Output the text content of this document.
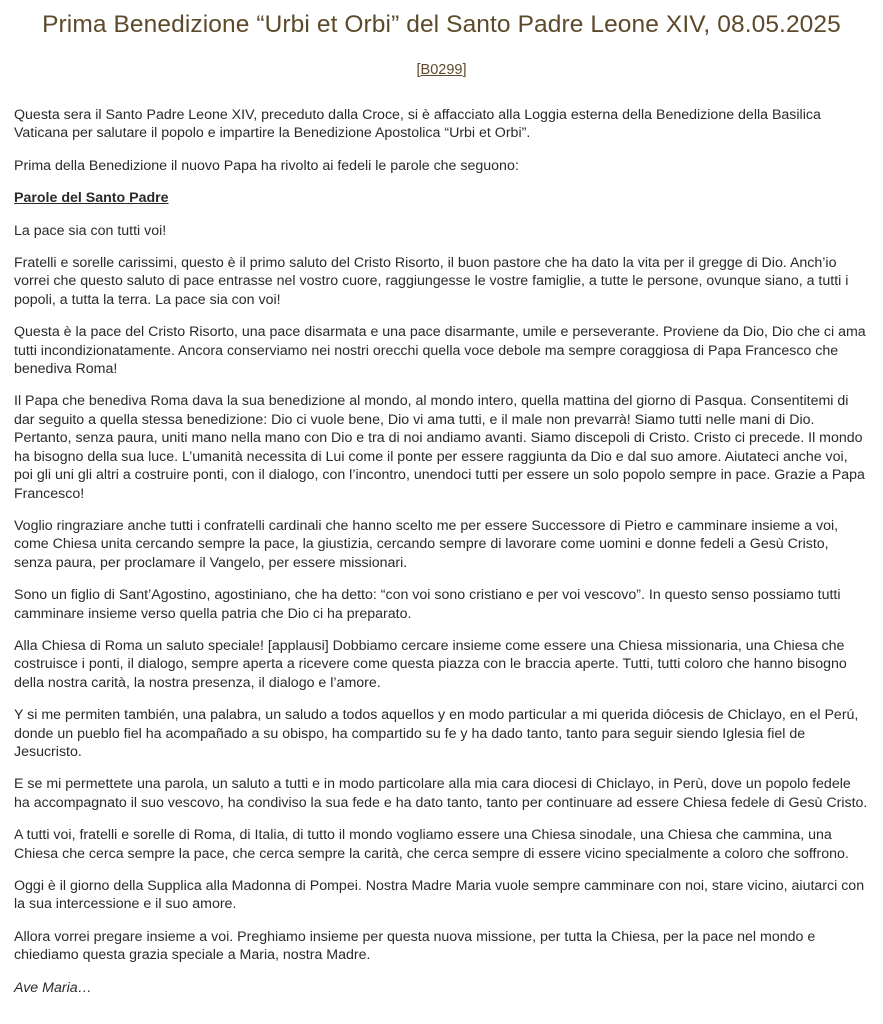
Prima Benedizione “Urbi et Orbi” del Santo Padre Leone XIV, 08.05.2025
[B0299]

Questa sera il Santo Padre Leone XIV, preceduto dalla Croce, si è affacciato alla Loggia esterna della Benedizione della Basilica Vaticana per salutare il popolo e impartire la Benedizione Apostolica “Urbi et Orbi”.

Prima della Benedizione il nuovo Papa ha rivolto ai fedeli le parole che seguono:

Parole del Santo Padre

La pace sia con tutti voi!

Fratelli e sorelle carissimi, questo è il primo saluto del Cristo Risorto, il buon pastore che ha dato la vita per il gregge di Dio. Anch’io vorrei che questo saluto di pace entrasse nel vostro cuore, raggiungesse le vostre famiglie, a tutte le persone, ovunque siano, a tutti i popoli, a tutta la terra. La pace sia con voi!

Questa è la pace del Cristo Risorto, una pace disarmata e una pace disarmante, umile e perseverante. Proviene da Dio, Dio che ci ama tutti incondizionatamente. Ancora conserviamo nei nostri orecchi quella voce debole ma sempre coraggiosa di Papa Francesco che benediva Roma!

Il Papa che benediva Roma dava la sua benedizione al mondo, al mondo intero, quella mattina del giorno di Pasqua. Consentitemi di dar seguito a quella stessa benedizione: Dio ci vuole bene, Dio vi ama tutti, e il male non prevarrà! Siamo tutti nelle mani di Dio. Pertanto, senza paura, uniti mano nella mano con Dio e tra di noi andiamo avanti. Siamo discepoli di Cristo. Cristo ci precede. Il mondo ha bisogno della sua luce. L’umanità necessita di Lui come il ponte per essere raggiunta da Dio e dal suo amore. Aiutateci anche voi, poi gli uni gli altri a costruire ponti, con il dialogo, con l’incontro, unendoci tutti per essere un solo popolo sempre in pace. Grazie a Papa Francesco!

Voglio ringraziare anche tutti i confratelli cardinali che hanno scelto me per essere Successore di Pietro e camminare insieme a voi, come Chiesa unita cercando sempre la pace, la giustizia, cercando sempre di lavorare come uomini e donne fedeli a Gesù Cristo, senza paura, per proclamare il Vangelo, per essere missionari.

Sono un figlio di Sant’Agostino, agostiniano, che ha detto: “con voi sono cristiano e per voi vescovo”. In questo senso possiamo tutti camminare insieme verso quella patria che Dio ci ha preparato.

Alla Chiesa di Roma un saluto speciale! [applausi] Dobbiamo cercare insieme come essere una Chiesa missionaria, una Chiesa che costruisce i ponti, il dialogo, sempre aperta a ricevere come questa piazza con le braccia aperte. Tutti, tutti coloro che hanno bisogno della nostra carità, la nostra presenza, il dialogo e l’amore.

Y si me permiten también, una palabra, un saludo a todos aquellos y en modo particular a mi querida diócesis de Chiclayo, en el Perú, donde un pueblo fiel ha acompañado a su obispo, ha compartido su fe y ha dado tanto, tanto para seguir siendo Iglesia fiel de Jesucristo.

E se mi permettete una parola, un saluto a tutti e in modo particolare alla mia cara diocesi di Chiclayo, in Perù, dove un popolo fedele ha accompagnato il suo vescovo, ha condiviso la sua fede e ha dato tanto, tanto per continuare ad essere Chiesa fedele di Gesù Cristo.

A tutti voi, fratelli e sorelle di Roma, di Italia, di tutto il mondo vogliamo essere una Chiesa sinodale, una Chiesa che cammina, una Chiesa che cerca sempre la pace, che cerca sempre la carità, che cerca sempre di essere vicino specialmente a coloro che soffrono.

Oggi è il giorno della Supplica alla Madonna di Pompei. Nostra Madre Maria vuole sempre camminare con noi, stare vicino, aiutarci con la sua intercessione e il suo amore.

Allora vorrei pregare insieme a voi. Preghiamo insieme per questa nuova missione, per tutta la Chiesa, per la pace nel mondo e chiediamo questa grazia speciale a Maria, nostra Madre.

Ave Maria…
